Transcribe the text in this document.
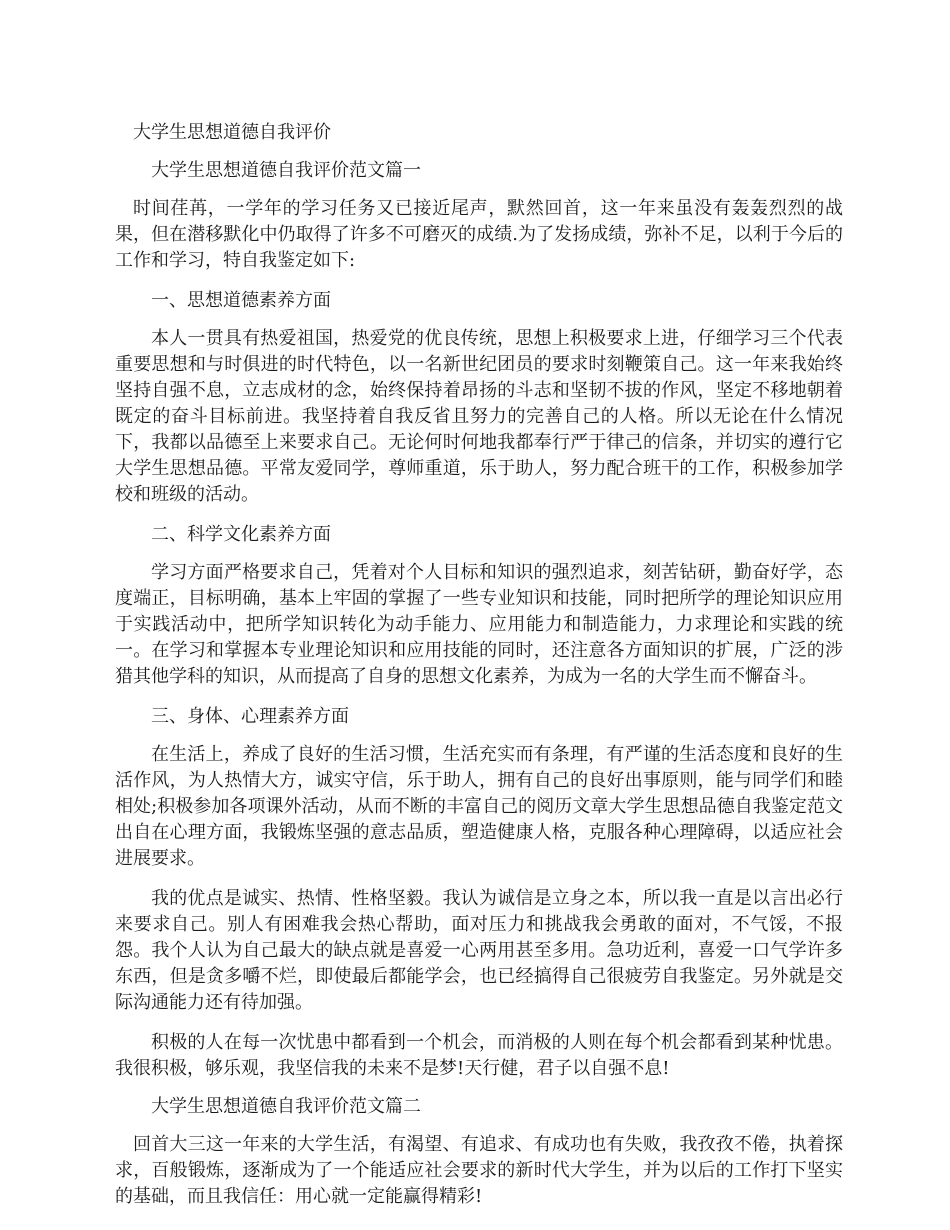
大学生思想道德自我评价

大学生思想道德自我评价范文篇一

时间荏苒，一学年的学习任务又已接近尾声，默然回首，这一年来虽没有轰轰烈烈的战果，但在潜移默化中仍取得了许多不可磨灭的成绩.为了发扬成绩，弥补不足，以利于今后的工作和学习，特自我鉴定如下:

一、思想道德素养方面

本人一贯具有热爱祖国，热爱党的优良传统，思想上积极要求上进，仔细学习三个代表重要思想和与时俱进的时代特色，以一名新世纪团员的要求时刻鞭策自己。这一年来我始终坚持自强不息，立志成材的念，始终保持着昂扬的斗志和坚韧不拔的作风，坚定不移地朝着既定的奋斗目标前进。我坚持着自我反省且努力的完善自己的人格。所以无论在什么情况下，我都以品德至上来要求自己。无论何时何地我都奉行严于律己的信条，并切实的遵行它大学生思想品德。平常友爱同学，尊师重道，乐于助人，努力配合班干的工作，积极参加学校和班级的活动。

二、科学文化素养方面

学习方面严格要求自己，凭着对个人目标和知识的强烈追求，刻苦钻研，勤奋好学，态度端正，目标明确，基本上牢固的掌握了一些专业知识和技能，同时把所学的理论知识应用于实践活动中，把所学知识转化为动手能力、应用能力和制造能力，力求理论和实践的统一。在学习和掌握本专业理论知识和应用技能的同时，还注意各方面知识的扩展，广泛的涉猎其他学科的知识，从而提高了自身的思想文化素养，为成为一名的大学生而不懈奋斗。

三、身体、心理素养方面

在生活上，养成了良好的生活习惯，生活充实而有条理，有严谨的生活态度和良好的生活作风，为人热情大方，诚实守信，乐于助人，拥有自己的良好出事原则，能与同学们和睦相处;积极参加各项课外活动，从而不断的丰富自己的阅历文章大学生思想品德自我鉴定范文出自在心理方面，我锻炼坚强的意志品质，塑造健康人格，克服各种心理障碍，以适应社会进展要求。

我的优点是诚实、热情、性格坚毅。我认为诚信是立身之本，所以我一直是以言出必行来要求自己。别人有困难我会热心帮助，面对压力和挑战我会勇敢的面对，不气馁，不报怨。我个人认为自己最大的缺点就是喜爱一心两用甚至多用。急功近利，喜爱一口气学许多东西，但是贪多嚼不烂，即使最后都能学会，也已经搞得自己很疲劳自我鉴定。另外就是交际沟通能力还有待加强。

积极的人在每一次忧患中都看到一个机会，而消极的人则在每个机会都看到某种忧患。我很积极，够乐观，我坚信我的未来不是梦!天行健，君子以自强不息!

大学生思想道德自我评价范文篇二

回首大三这一年来的大学生活，有渴望、有追求、有成功也有失败，我孜孜不倦，执着探求，百般锻炼，逐渐成为了一个能适应社会要求的新时代大学生，并为以后的工作打下坚实的基础，而且我信任：用心就一定能赢得精彩!
